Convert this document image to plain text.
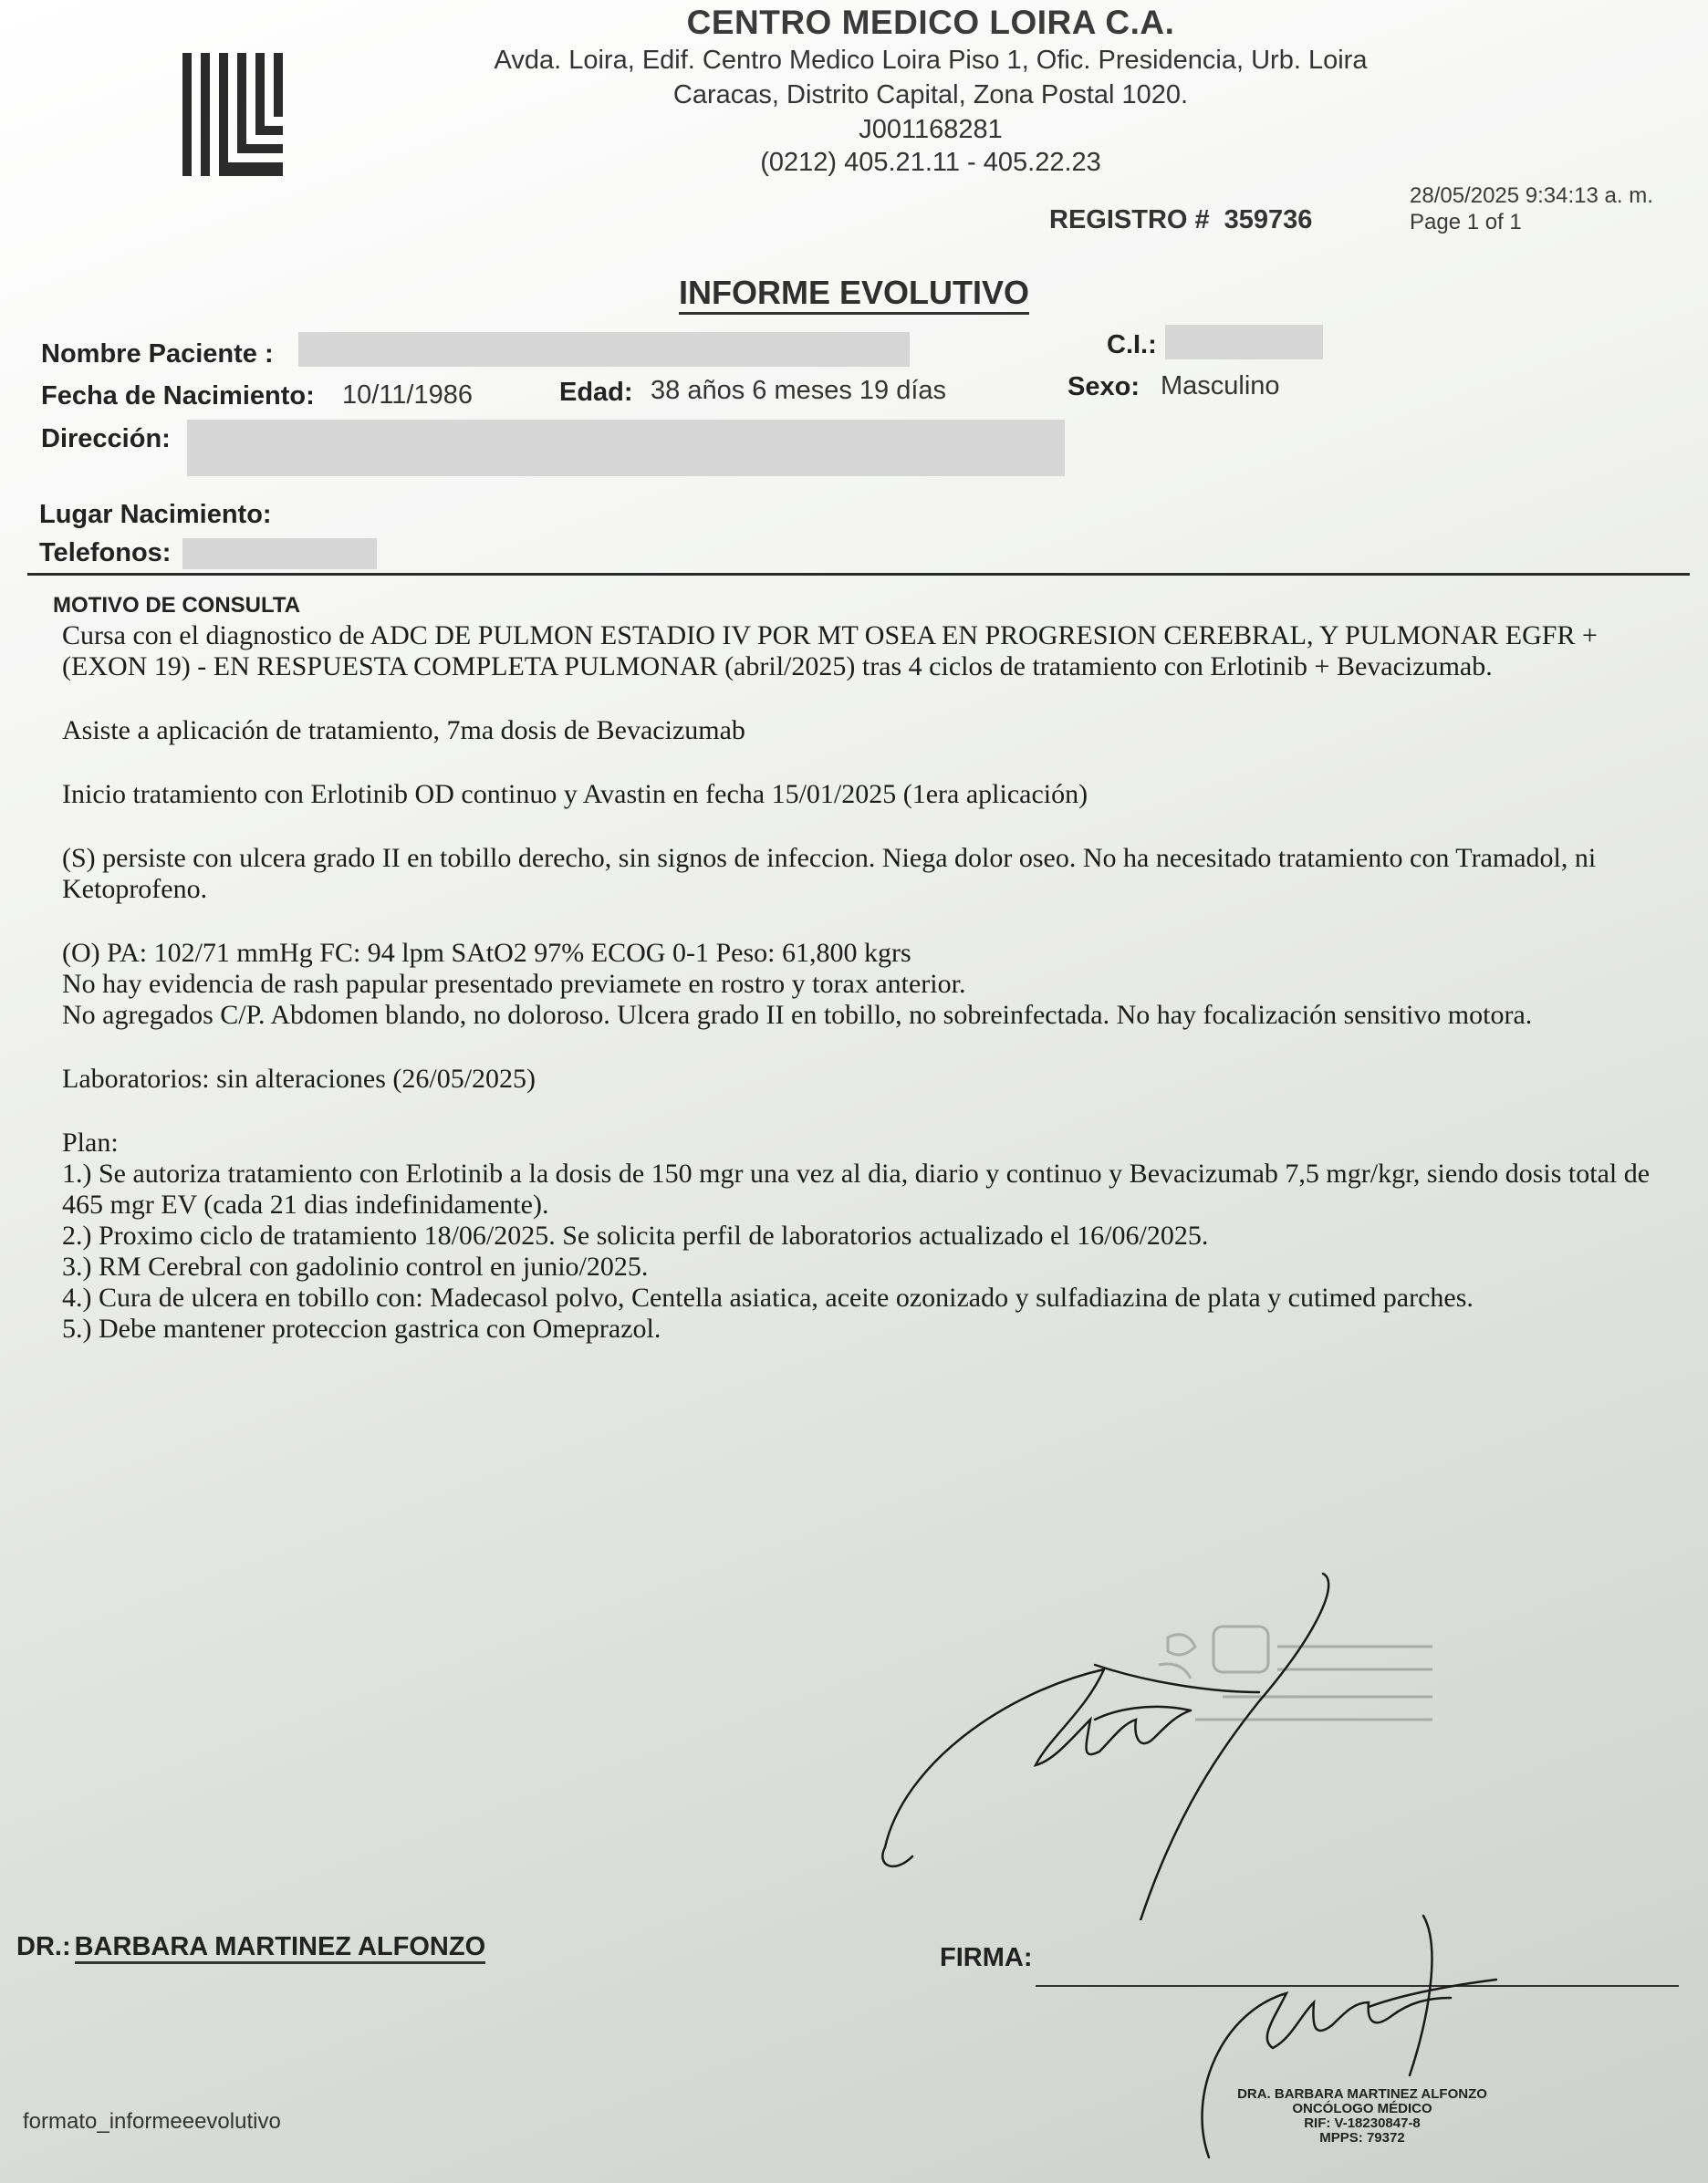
CENTRO MEDICO LOIRA C.A.
Avda. Loira, Edif. Centro Medico Loira Piso 1, Ofic. Presidencia, Urb. Loira
Caracas, Distrito Capital, Zona Postal 1020.
J001168281
(0212) 405.21.11 - 405.22.23
28/05/2025 9:34:13 a. m.
Page 1 of 1
REGISTRO # 359736
INFORME EVOLUTIVO
Nombre Paciente :	C.I.:
Fecha de Nacimiento: 10/11/1986	Edad: 38 años 6 meses 19 días	Sexo: Masculino
Dirección:
Lugar Nacimiento:
Telefonos:
MOTIVO DE CONSULTA

Cursa con el diagnostico de ADC DE PULMON ESTADIO IV POR MT OSEA EN PROGRESION CEREBRAL, Y PULMONAR EGFR + (EXON 19) - EN RESPUESTA COMPLETA PULMONAR (abril/2025) tras 4 ciclos de tratamiento con Erlotinib + Bevacizumab.

Asiste a aplicación de tratamiento, 7ma dosis de Bevacizumab

Inicio tratamiento con Erlotinib OD continuo y Avastin en fecha 15/01/2025 (1era aplicación)

(S) persiste con ulcera grado II en tobillo derecho, sin signos de infeccion. Niega dolor oseo. No ha necesitado tratamiento con Tramadol, ni Ketoprofeno.

(O) PA: 102/71 mmHg FC: 94 lpm SAtO2 97% ECOG 0-1 Peso: 61,800 kgrs

No hay evidencia de rash papular presentado previamete en rostro y torax anterior.

No agregados C/P. Abdomen blando, no doloroso. Ulcera grado II en tobillo, no sobreinfectada. No hay focalización sensitivo motora.

Laboratorios: sin alteraciones (26/05/2025)

Plan:

1.) Se autoriza tratamiento con Erlotinib a la dosis de 150 mgr una vez al dia, diario y continuo y Bevacizumab 7,5 mgr/kgr, siendo dosis total de 465 mgr EV (cada 21 dias indefinidamente).

2.) Proximo ciclo de tratamiento 18/06/2025. Se solicita perfil de laboratorios actualizado el 16/06/2025.

3.) RM Cerebral con gadolinio control en junio/2025.

4.) Cura de ulcera en tobillo con: Madecasol polvo, Centella asiatica, aceite ozonizado y sulfadiazina de plata y cutimed parches.

5.) Debe mantener proteccion gastrica con Omeprazol.

DR.: BARBARA MARTINEZ ALFONZO	FIRMA:
DRA. BARBARA MARTINEZ ALFONZO
ONCÓLOGO MÉDICO
RIF: V-18230847-8
MPPS: 79372
formato_informeeevolutivo
